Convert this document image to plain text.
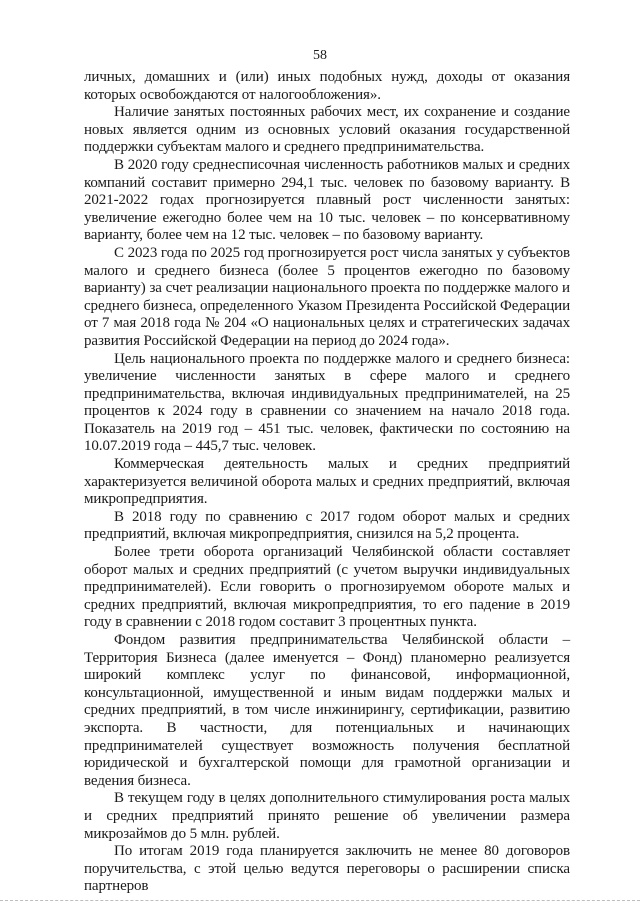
58

личных, домашних и (или) иных подобных нужд, доходы от оказания которых освобождаются от налогообложения».

Наличие занятых постоянных рабочих мест, их сохранение и создание новых является одним из основных условий оказания государственной поддержки субъектам малого и среднего предпринимательства.

В 2020 году среднесписочная численность работников малых и средних компаний составит примерно 294,1 тыс. человек по базовому варианту. В 2021-2022 годах прогнозируется плавный рост численности занятых: увеличение ежегодно более чем на 10 тыс. человек – по консервативному варианту, более чем на 12 тыс. человек – по базовому варианту.

С 2023 года по 2025 год прогнозируется рост числа занятых у субъектов малого и среднего бизнеса (более 5 процентов ежегодно по базовому варианту) за счет реализации национального проекта по поддержке малого и среднего бизнеса, определенного Указом Президента Российской Федерации от 7 мая 2018 года № 204 «О национальных целях и стратегических задачах развития Российской Федерации на период до 2024 года».

Цель национального проекта по поддержке малого и среднего бизнеса: увеличение численности занятых в сфере малого и среднего предпринимательства, включая индивидуальных предпринимателей, на 25 процентов к 2024 году в сравнении со значением на начало 2018 года. Показатель на 2019 год – 451 тыс. человек, фактически по состоянию на 10.07.2019 года – 445,7 тыс. человек.

Коммерческая деятельность малых и средних предприятий характеризуется величиной оборота малых и средних предприятий, включая микропредприятия.

В 2018 году по сравнению с 2017 годом оборот малых и средних предприятий, включая микропредприятия, снизился на 5,2 процента.

Более трети оборота организаций Челябинской области составляет оборот малых и средних предприятий (с учетом выручки индивидуальных предпринимателей). Если говорить о прогнозируемом обороте малых и средних предприятий, включая микропредприятия, то его падение в 2019 году в сравнении с 2018 годом составит 3 процентных пункта.

Фондом развития предпринимательства Челябинской области – Территория Бизнеса (далее именуется – Фонд) планомерно реализуется широкий комплекс услуг по финансовой, информационной, консультационной, имущественной и иным видам поддержки малых и средних предприятий, в том числе инжинирингу, сертификации, развитию экспорта. В частности, для потенциальных и начинающих предпринимателей существует возможность получения бесплатной юридической и бухгалтерской помощи для грамотной организации и ведения бизнеса.

В текущем году в целях дополнительного стимулирования роста малых и средних предприятий принято решение об увеличении размера микрозаймов до 5 млн. рублей.

По итогам 2019 года планируется заключить не менее 80 договоров поручительства, с этой целью ведутся переговоры о расширении списка партнеров
